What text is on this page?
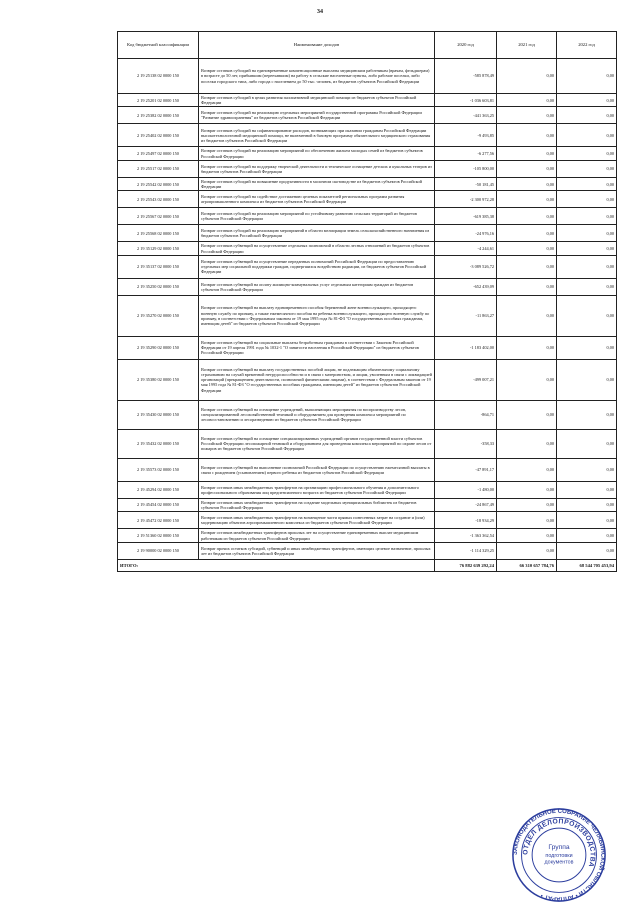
34
Код бюджетной классификации	Наименование доходов	2020 год	2021 год	2022 год
2 19 25138 02 0000 150	Возврат остатков субсидий на единовременные компенсационные выплаты медицинским работникам (врачам, фельдшерам) в возрасте до 50 лет, прибывшим (переехавшим) на работу в сельские населенные пункты, либо рабочие поселки, либо поселки городского типа, либо города с населением до 50 тыс. человек, из бюджетов субъектов Российской Федерации	-585 878,49	0,00	0,00
2 19 25201 02 0000 150	Возврат остатков субсидий в целях развития паллиативной медицинской помощи из бюджетов субъектов Российской Федерации	-1 036 603,81	0,00	0,00
2 19 25382 02 0000 150	Возврат остатков субсидий на реализацию отдельных мероприятий государственной программы Российской Федерации "Развитие здравоохранения" из бюджетов субъектов Российской Федерации	-441 363,25	0,00	0,00
2 19 25402 02 0000 150	Возврат остатков субсидий на софинансирование расходов, возникающих при оказании гражданам Российской Федерации высокотехнологичной медицинской помощи, не включенной в базовую программу обязательного медицинского страхования из бюджетов субъектов Российской Федерации	-9 493,85	0,00	0,00
2 19 25497 02 0000 150	Возврат остатков субсидий на реализацию мероприятий по обеспечению жильем молодых семей из бюджетов субъектов Российской Федерации	-6 277,56	0,00	0,00
2 19 25517 02 0000 150	Возврат остатков субсидий на поддержку творческой деятельности и техническое оснащение детских и кукольных театров из бюджетов субъектов Российской Федерации	-105 800,00	0,00	0,00
2 19 25542 02 0000 150	Возврат остатков субсидий на повышение продуктивности в молочном скотоводстве из бюджетов субъектов Российской Федерации	-50 181,45	0,00	0,00
2 19 25543 02 0000 150	Возврат остатков субсидий на содействие достижению целевых показателей региональных программ развития агропромышленного комплекса из бюджетов субъектов Российской Федерации	-2 300 972,28	0,00	0,00
2 19 25567 02 0000 150	Возврат остатков субсидий на реализацию мероприятий по устойчивому развитию сельских территорий из бюджетов субъектов Российской Федерации	-619 385,38	0,00	0,00
2 19 25568 02 0000 150	Возврат остатков субсидий на реализацию мероприятий в области мелиорации земель сельскохозяйственного назначения из бюджетов субъектов Российской Федерации	-24 976,16	0,00	0,00
2 19 35129 02 0000 150	Возврат остатков субвенций на осуществление отдельных полномочий в области лесных отношений из бюджетов субъектов Российской Федерации	-4 244,61	0,00	0,00
2 19 35137 02 0000 150	Возврат остатков субвенций на осуществление переданных полномочий Российской Федерации по предоставлению отдельных мер социальной поддержки граждан, подвергшихся воздействию радиации, из бюджетов субъектов Российской Федерации	-3 089 526,72	0,00	0,00
2 19 35250 02 0000 150	Возврат остатков субвенций на оплату жилищно-коммунальных услуг отдельным категориям граждан из бюджетов субъектов Российской Федерации	-652 439,09	0,00	0,00
2 19 35270 02 0000 150	Возврат остатков субвенций на выплату единовременного пособия беременной жене военнослужащего, проходящего военную службу по призыву, а также ежемесячного пособия на ребенка военнослужащего, проходящего военную службу по призыву, в соответствии с Федеральным законом от 19 мая 1995 года № 81-ФЗ "О государственных пособиях гражданам, имеющим детей" из бюджетов субъектов Российской Федерации	-11 863,27	0,00	0,00
2 19 35290 02 0000 150	Возврат остатков субвенций на социальные выплаты безработным гражданам в соответствии с Законом Российской Федерации от 19 апреля 1991 года № 1032-1 "О занятости населения в Российской Федерации" из бюджетов субъектов Российской Федерации	-1 183 402,00	0,00	0,00
2 19 35380 02 0000 150	Возврат остатков субвенций на выплату государственных пособий лицам, не подлежащим обязательному социальному страхованию на случай временной нетрудоспособности и в связи с материнством, и лицам, уволенным в связи с ликвидацией организаций (прекращением деятельности, полномочий физическими лицами), в соответствии с Федеральным законом от 19 мая 1995 года № 81-ФЗ "О государственных пособиях гражданам, имеющим детей" из бюджетов субъектов Российской Федерации	-499 007,21	0,00	0,00
2 19 35430 02 0000 150	Возврат остатков субвенций на оснащение учреждений, выполняющих мероприятия по воспроизводству лесов, специализированной лесохозяйственной техникой и оборудованием для проведения комплекса мероприятий по лесовосстановлению и лесоразведению из бюджетов субъектов Российской Федерации	-864,71	0,00	0,00
2 19 35432 02 0000 150	Возврат остатков субвенций на оснащение специализированных учреждений органов государственной власти субъектов Российской Федерации лесопожарной техникой и оборудованием для проведения комплекса мероприятий по охране лесов от пожаров из бюджетов субъектов Российской Федерации	-358,33	0,00	0,00
2 19 35573 02 0000 150	Возврат остатков субвенций на выполнение полномочий Российской Федерации по осуществлению ежемесячной выплаты в связи с рождением (усыновлением) первого ребенка из бюджетов субъектов Российской Федерации	-47 891,17	0,00	0,00
2 19 45294 02 0000 150	Возврат остатков иных межбюджетных трансфертов на организацию профессионального обучения и дополнительного профессионального образования лиц предпенсионного возраста из бюджетов субъектов Российской Федерации	-1 480,00	0,00	0,00
2 19 45454 02 0000 150	Возврат остатков иных межбюджетных трансфертов на создание модельных муниципальных библиотек из бюджетов субъектов Российской Федерации	-24 867,49	0,00	0,00
2 19 45472 02 0000 150	Возврат остатков иных межбюджетных трансфертов на возмещение части прямых понесенных затрат на создание и (или) модернизацию объектов агропромышленного комплекса из бюджетов субъектов Российской Федерации	-18 934,29	0,00	0,00
2 19 51360 02 0000 150	Возврат остатков межбюджетных трансфертов прошлых лет на осуществление единовременных выплат медицинским работникам из бюджетов субъектов Российской Федерации	-1 363 362,54	0,00	0,00
2 19 90000 02 0000 150	Возврат прочих остатков субсидий, субвенций и иных межбюджетных трансфертов, имеющих целевое назначение, прошлых лет из бюджетов субъектов Российской Федерации	-1 114 329,25	0,00	0,00
ИТОГО:		76 882 639 292,24	66 310 657 784,76	68 544 705 453,94
ЗАКОНОДАТЕЛЬНОЕ СОБРАНИЕ ЧЕЛЯБИНСКОЙ ОБЛАСТИ • АППАРАТ •
ОТДЕЛ ДЕЛОПРОИЗВОДСТВА
Группа
подготовки
документов
